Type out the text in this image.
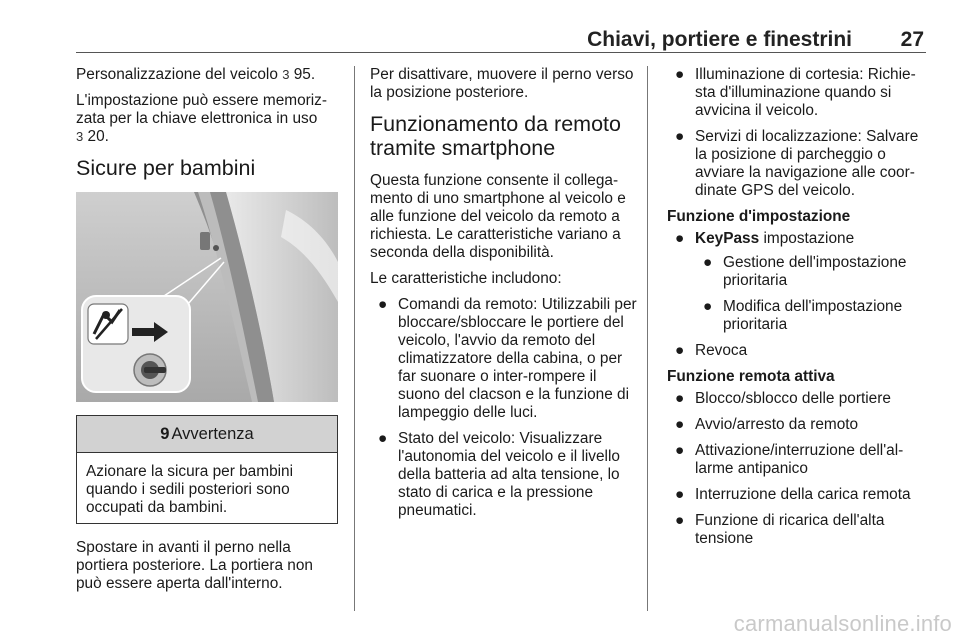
Chiavi, portiere e finestrini 27

Personalizzazione del veicolo 3 95.

L'impostazione può essere memoriz-zata per la chiave elettronica in uso
3 20.

Sicure per bambini
9 Avvertenza
Azionare la sicura per bambini quando i sedili posteriori sono occupati da bambini.

Spostare in avanti il perno nella portiera posteriore. La portiera non può essere aperta dall'interno.

Per disattivare, muovere il perno verso la posizione posteriore.

Funzionamento da remoto tramite smartphone

Questa funzione consente il collega-mento di uno smartphone al veicolo e alle funzione del veicolo da remoto a richiesta. Le caratteristiche variano a seconda della disponibilità.

Le caratteristiche includono:

● Comandi da remoto: Utilizzabili per bloccare/sbloccare le portiere del veicolo, l'avvio da remoto del climatizzatore della cabina, o per far suonare o inter-rompere il suono del clacson e la funzione di lampeggio delle luci.
● Stato del veicolo: Visualizzare l'autonomia del veicolo e il livello della batteria ad alta tensione, lo stato di carica e la pressione pneumatici.
● Illuminazione di cortesia: Richie-sta d'illuminazione quando si avvicina il veicolo.
● Servizi di localizzazione: Salvare la posizione di parcheggio o avviare la navigazione alle coor-dinate GPS del veicolo.
Funzione d'impostazione
● KeyPass impostazione
● Gestione dell'impostazione prioritaria
● Modifica dell'impostazione prioritaria
● Revoca
Funzione remota attiva
● Blocco/sblocco delle portiere
● Avvio/arresto da remoto
● Attivazione/interruzione dell'al-larme antipanico
● Interruzione della carica remota
● Funzione di ricarica dell'alta tensione
carmanualsonline.info
